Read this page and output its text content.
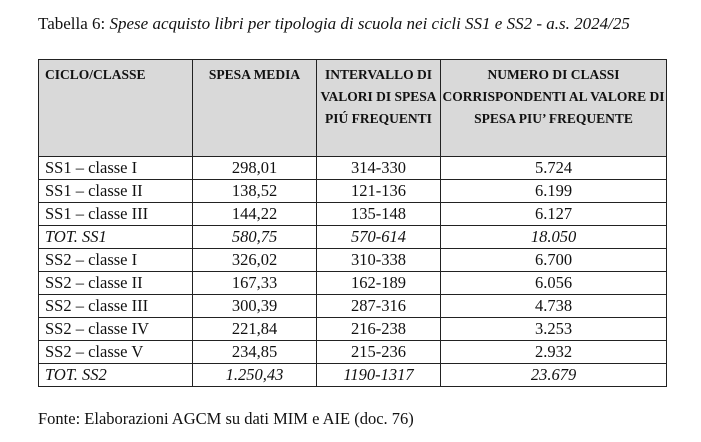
Tabella 6: Spese acquisto libri per tipologia di scuola nei cicli SS1 e SS2 - a.s. 2024/25
CICLO/CLASSE	SPESA MEDIA	INTERVALLO DI VALORI DI SPESA PIÚ FREQUENTI	NUMERO DI CLASSI CORRISPONDENTI AL VALORE DI SPESA PIU’ FREQUENTE
SS1 – classe I	298,01	314-330	5.724
SS1 – classe II	138,52	121-136	6.199
SS1 – classe III	144,22	135-148	6.127
TOT. SS1	580,75	570-614	18.050
SS2 – classe I	326,02	310-338	6.700
SS2 – classe II	167,33	162-189	6.056
SS2 – classe III	300,39	287-316	4.738
SS2 – classe IV	221,84	216-238	3.253
SS2 – classe V	234,85	215-236	2.932
TOT. SS2	1.250,43	1190-1317	23.679
Fonte: Elaborazioni AGCM su dati MIM e AIE (doc. 76)
